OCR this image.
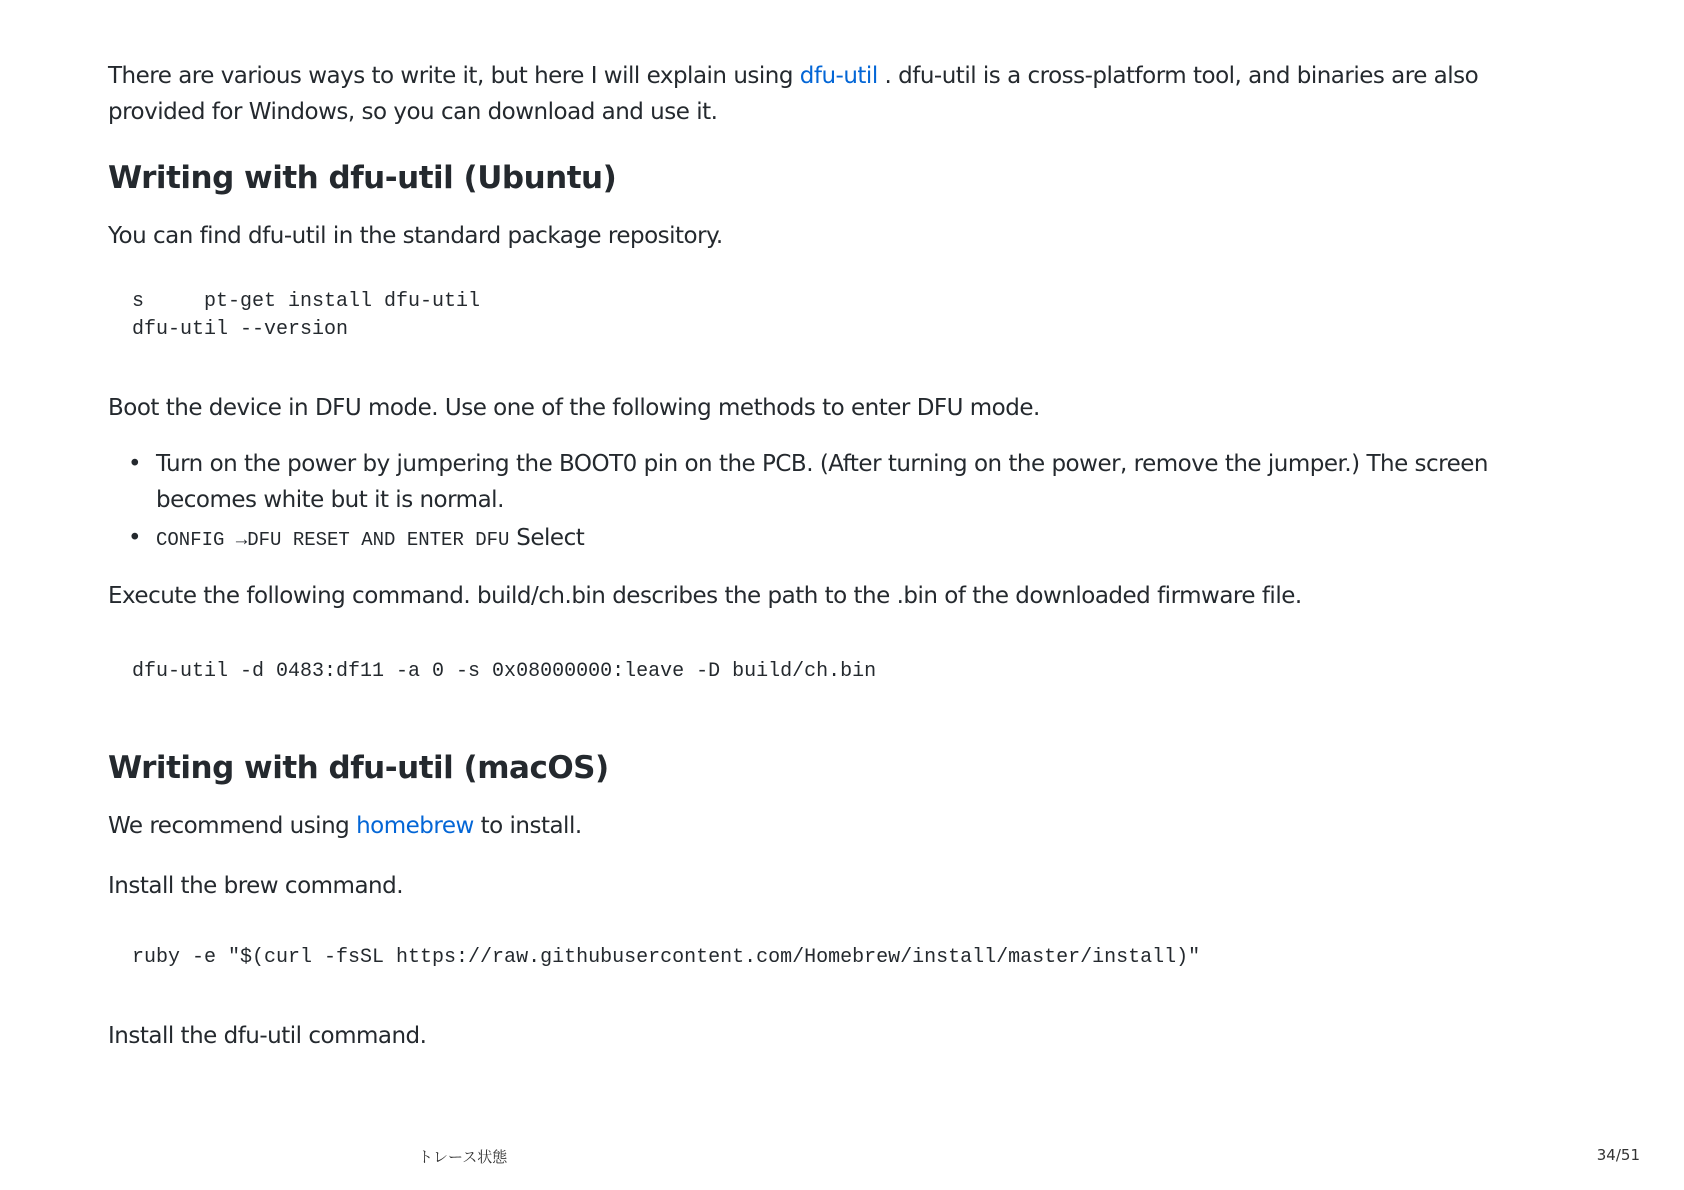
There are various ways to write it, but here I will explain using dfu-util . dfu-util is a cross-platform tool, and binaries are also provided for Windows, so you can download and use it.

Writing with dfu-util (Ubuntu)

You can find dfu-util in the standard package repository.

s     pt-get install dfu-util
dfu-util --version

Boot the device in DFU mode. Use one of the following methods to enter DFU mode.

• Turn on the power by jumpering the BOOT0 pin on the PCB. (After turning on the power, remove the jumper.) The screen becomes white but it is normal.
• CONFIG →DFU RESET AND ENTER DFU Select

Execute the following command. build/ch.bin describes the path to the .bin of the downloaded firmware file.

dfu-util -d 0483:df11 -a 0 -s 0x08000000:leave -D build/ch.bin
Writing with dfu-util (macOS)

We recommend using homebrew to install.

Install the brew command.

ruby -e "$(curl -fsSL https://raw.githubusercontent.com/Homebrew/install/master/install)"

Install the dfu-util command.

トレース状態	34/51
